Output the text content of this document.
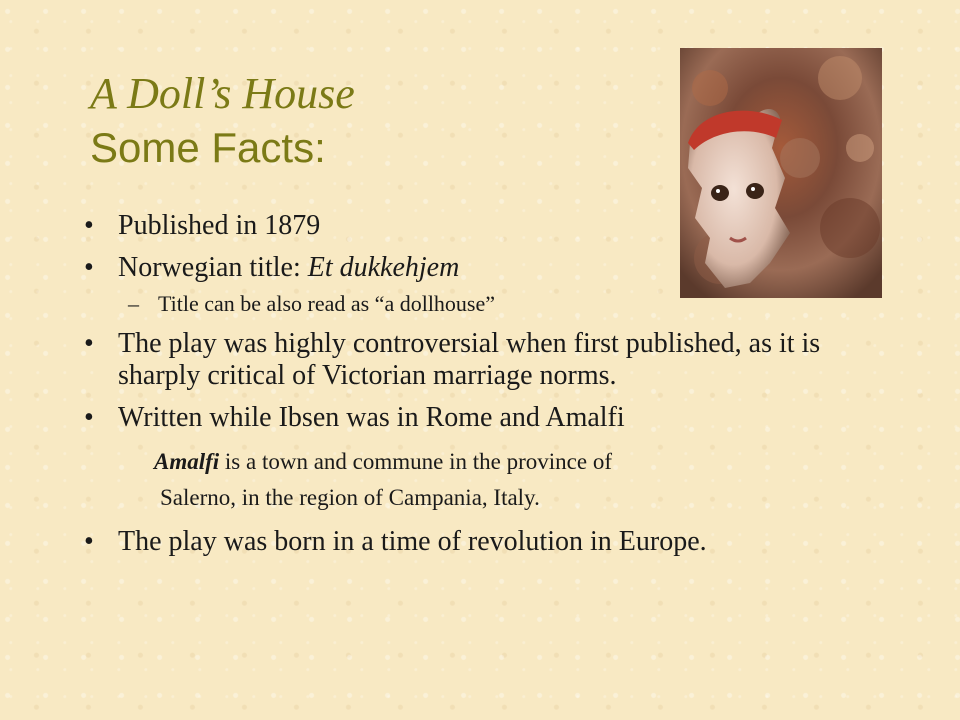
A Doll’s House

Some Facts:

• Published in 1879

• Norwegian title: Et dukkehjem

– Title can be also read as “a dollhouse”

• The play was highly controversial when first published, as it is sharply critical of Victorian marriage norms.

• Written while Ibsen was in Rome and Amalfi

Amalfi is a town and commune in the province of
Salerno, in the region of Campania, Italy.

• The play was born in a time of revolution in Europe.
